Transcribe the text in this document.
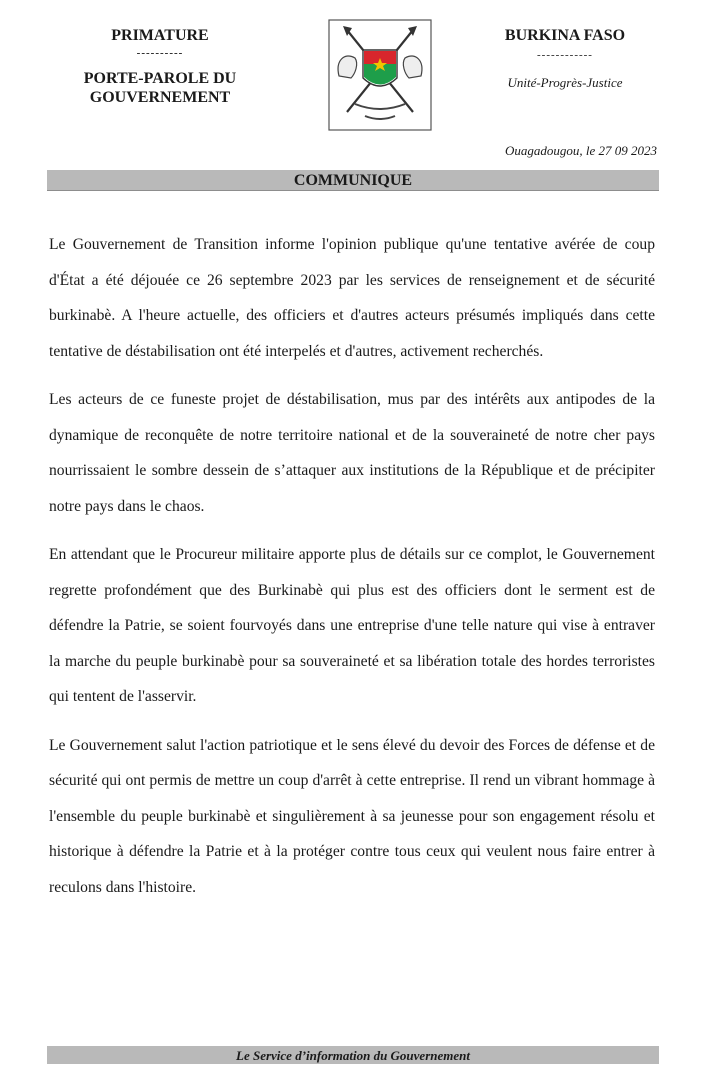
PRIMATURE
----------
PORTE-PAROLE DU
GOUVERNEMENT
BURKINA FASO
------------
Unité-Progrès-Justice
Ouagadougou, le 27 09 2023
COMMUNIQUE

Le Gouvernement de Transition informe l'opinion publique qu'une tentative avérée de coup d'État a été déjouée ce 26 septembre 2023 par les services de renseignement et de sécurité burkinabè. A l'heure actuelle, des officiers et d'autres acteurs présumés impliqués dans cette tentative de déstabilisation ont été interpelés et d'autres, activement recherchés.

Les acteurs de ce funeste projet de déstabilisation, mus par des intérêts aux antipodes de la dynamique de reconquête de notre territoire national et de la souveraineté de notre cher pays nourrissaient le sombre dessein de s’attaquer aux institutions de la République et de précipiter notre pays dans le chaos.

En attendant que le Procureur militaire apporte plus de détails sur ce complot, le Gouvernement regrette profondément que des Burkinabè qui plus est des officiers dont le serment est de défendre la Patrie, se soient fourvoyés dans une entreprise d'une telle nature qui vise à entraver la marche du peuple burkinabè pour sa souveraineté et sa libération totale des hordes terroristes qui tentent de l'asservir.

Le Gouvernement salut l'action patriotique et le sens élevé du devoir des Forces de défense et de sécurité qui ont permis de mettre un coup d'arrêt à cette entreprise. Il rend un vibrant hommage à l'ensemble du peuple burkinabè et singulièrement à sa jeunesse pour son engagement résolu et historique à défendre la Patrie et à la protéger contre tous ceux qui veulent nous faire entrer à reculons dans l'histoire.

Le Service d’information du Gouvernement
